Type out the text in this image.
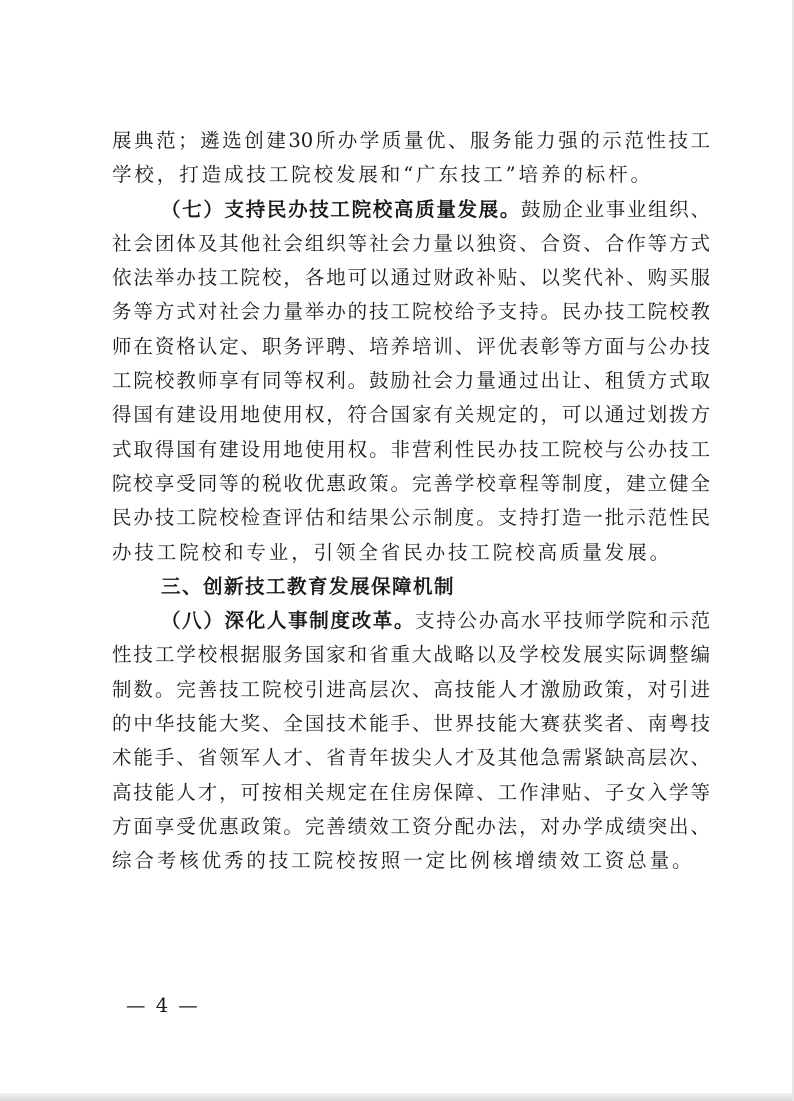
展典范；遴选创建30所办学质量优、服务能力强的示范性技工
学校，打造成技工院校发展和“广东技工”培养的标杆。
（七）支持民办技工院校高质量发展。鼓励企业事业组织、
社会团体及其他社会组织等社会力量以独资、合资、合作等方式
依法举办技工院校，各地可以通过财政补贴、以奖代补、购买服
务等方式对社会力量举办的技工院校给予支持。民办技工院校教
师在资格认定、职务评聘、培养培训、评优表彰等方面与公办技
工院校教师享有同等权利。鼓励社会力量通过出让、租赁方式取
得国有建设用地使用权，符合国家有关规定的，可以通过划拨方
式取得国有建设用地使用权。非营利性民办技工院校与公办技工
院校享受同等的税收优惠政策。完善学校章程等制度，建立健全
民办技工院校检查评估和结果公示制度。支持打造一批示范性民
办技工院校和专业，引领全省民办技工院校高质量发展。
三、创新技工教育发展保障机制
（八）深化人事制度改革。支持公办高水平技师学院和示范
性技工学校根据服务国家和省重大战略以及学校发展实际调整编
制数。完善技工院校引进高层次、高技能人才激励政策，对引进
的中华技能大奖、全国技术能手、世界技能大赛获奖者、南粤技
术能手、省领军人才、省青年拔尖人才及其他急需紧缺高层次、
高技能人才，可按相关规定在住房保障、工作津贴、子女入学等
方面享受优惠政策。完善绩效工资分配办法，对办学成绩突出、
综合考核优秀的技工院校按照一定比例核增绩效工资总量。
— 4 —
